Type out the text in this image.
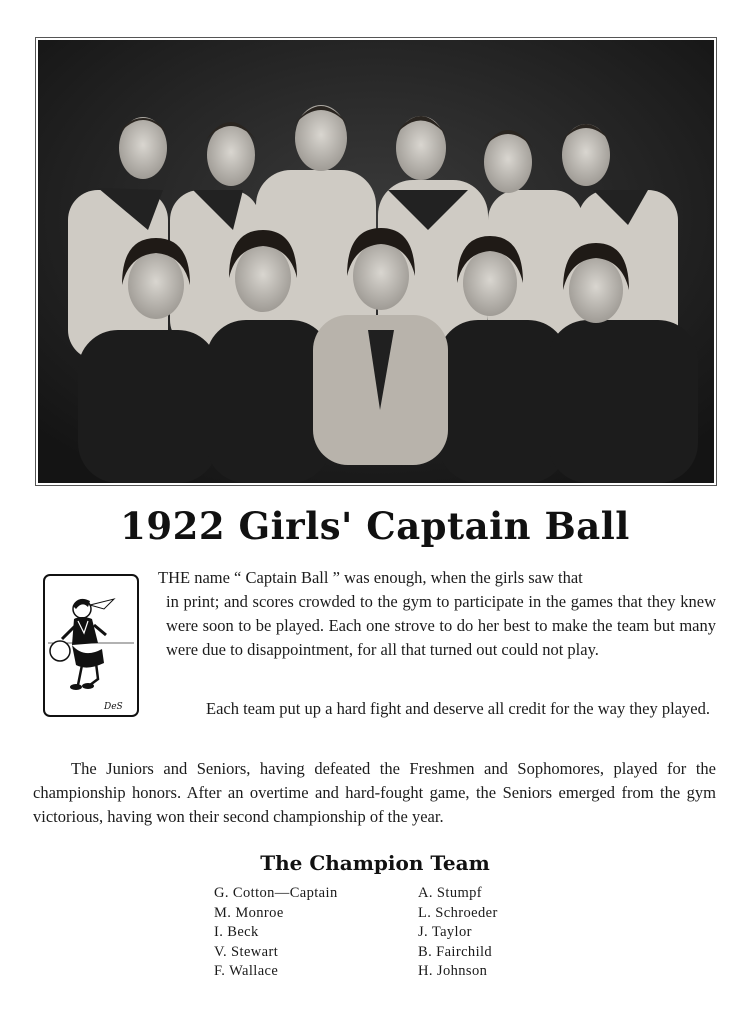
1922 Girls' Captain Ball
DeS

THE name “ Captain Ball ” was enough, when the girls saw that
in print; and scores crowded to the gym to participate in the games that they knew were soon to be played. Each one strove to do her best to make the team but many were due to disappointment, for all that turned out could not play.

Each team put up a hard fight and deserve all credit for the way they played.

The Juniors and Seniors, having defeated the Freshmen and Sophomores, played for the championship honors. After an overtime and hard-fought game, the Seniors emerged from the gym victorious, having won their second championship of the year.

The Champion Team
G. Cotton—Captain
M. Monroe
I. Beck
V. Stewart
F. Wallace
A. Stumpf
L. Schroeder
J. Taylor
B. Fairchild
H. Johnson
